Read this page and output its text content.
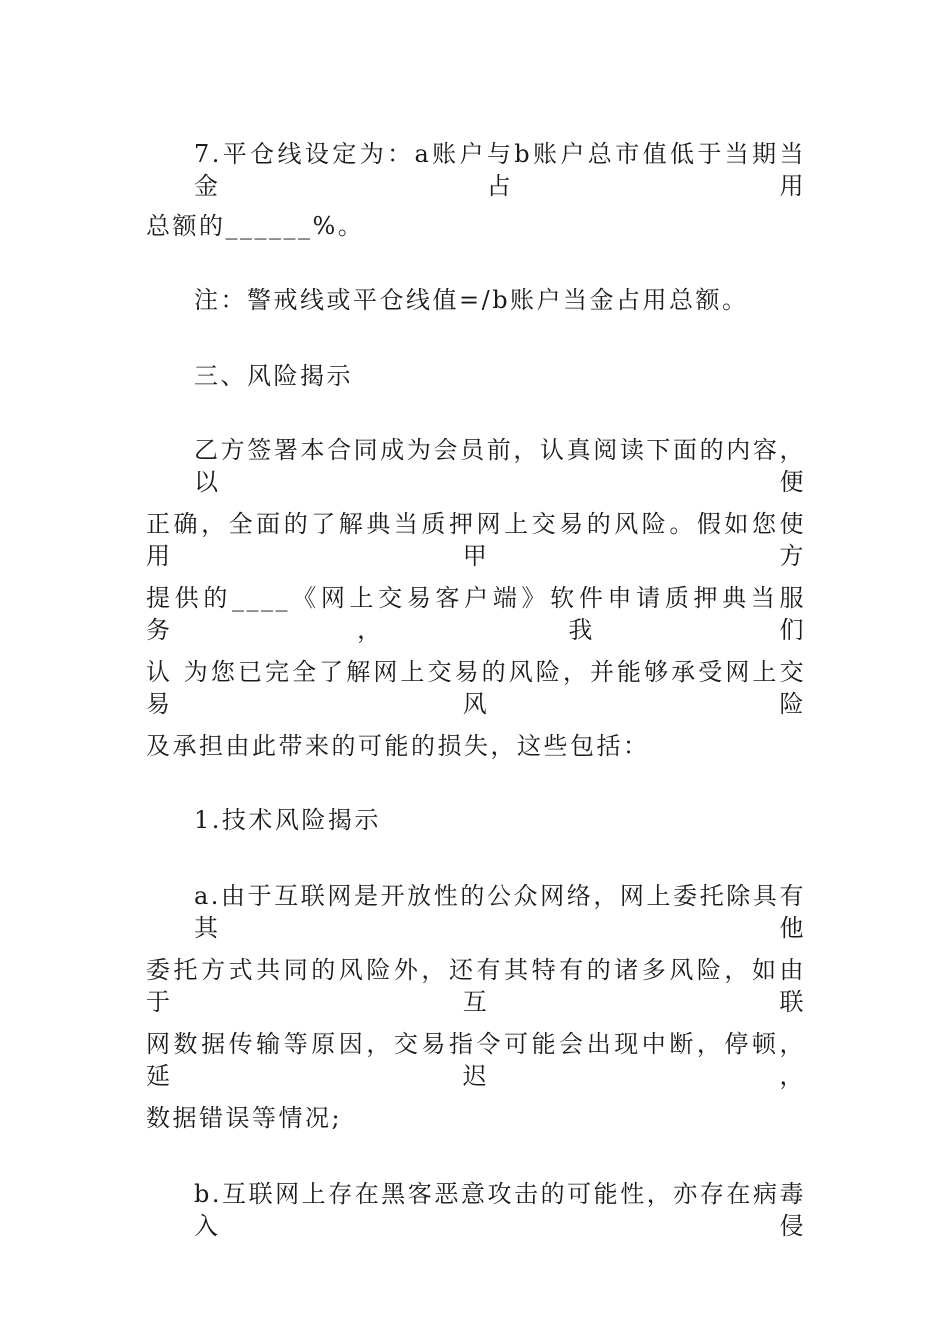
7.平仓线设定为：a账户与b账户总市值低于当期当金占用
总额的______%。
注：警戒线或平仓线值=/b账户当金占用总额。
三、风险揭示
乙方签署本合同成为会员前，认真阅读下面的内容，以便
正确，全面的了解典当质押网上交易的风险。假如您使用甲方
提供的____《网上交易客户端》软件申请质押典当服务，我们
认 为您已完全了解网上交易的风险，并能够承受网上交易风险
及承担由此带来的可能的损失，这些包括：
1.技术风险揭示
a.由于互联网是开放性的公众网络，网上委托除具有其他
委托方式共同的风险外，还有其特有的诸多风险，如由于互联
网数据传输等原因，交易指令可能会出现中断，停顿，延迟，
数据错误等情况;
b.互联网上存在黑客恶意攻击的可能性，亦存在病毒入侵
